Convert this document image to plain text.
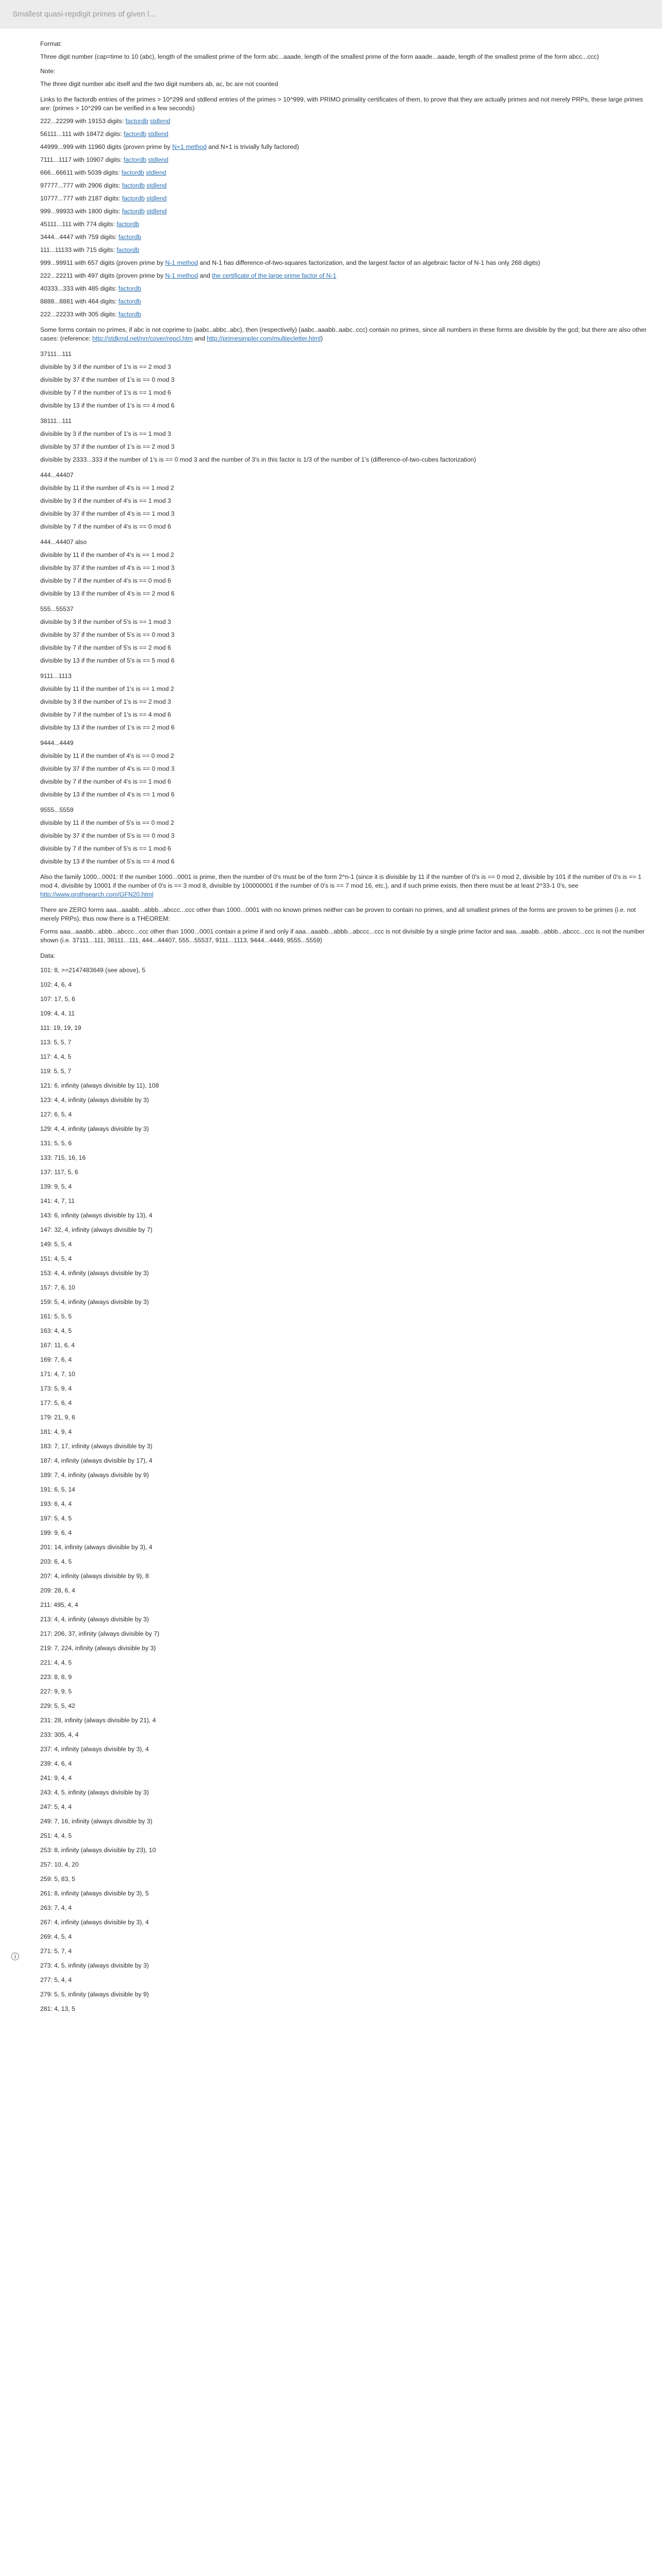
Smallest quasi-repdigit primes of given l...
i

Format:

Three digit number (cap=time to 10 (abc), length of the smallest prime of the form abc...aaade, length of the smallest prime of the form aaade...aaade, length of the smallest prime of the form abcc...ccc)

Note:

The three digit number abc itself and the two digit numbers ab, ac, bc are not counted

Links to the factordb entries of the primes > 10^299 and stdlend entries of the primes > 10^999, with PRIMO primality certificates of them, to prove that they are actually primes and not merely PRPs, these large primes are: (primes > 10^299 can be verified in a few seconds)

222...22299 with 19153 digits: factordb stdlend

56111...111 with 18472 digits: factordb stdlend

44999...999 with 11960 digits (proven prime by N+1 method and N+1 is trivially fully factored)

7111...1117 with 10907 digits: factordb stdlend

666...66611 with 5039 digits: factordb stdlend

97777...777 with 2906 digits: factordb stdlend

10777...777 with 2187 digits: factordb stdlend

999...99933 with 1800 digits: factordb stdlend

45111...111 with 774 digits: factordb

3444...4447 with 759 digits: factordb

111...11133 with 715 digits: factordb

999...99911 with 657 digits (proven prime by N-1 method and N-1 has difference-of-two-squares factorization, and the largest factor of an algebraic factor of N-1 has only 268 digits)

222...22211 with 497 digits (proven prime by N-1 method and the certificate of the large prime factor of N-1

40333...333 with 485 digits: factordb

8888...8881 with 464 digits: factordb

222...22233 with 305 digits: factordb

Some forms contain no primes, if abc is not coprime to (aabc..abbc..abc), then (respectively) (aabc..aaabb..aabc..ccc) contain no primes, since all numbers in these forms are divisible by the gcd; but there are also other cases: (reference: http://stdkmd.net/nrr/cover/repcl.htm and http://primesimpler.com/multiecletter.html)

37111...111

divisible by 3 if the number of 1's is == 2 mod 3

divisible by 37 if the number of 1's is == 0 mod 3

divisible by 7 if the number of 1's is == 1 mod 6

divisible by 13 if the number of 1's is == 4 mod 6

38111...111

divisible by 3 if the number of 1's is == 1 mod 3

divisible by 37 if the number of 1's is == 2 mod 3

divisible by 2333...333 if the number of 1's is == 0 mod 3 and the number of 3's in this factor is 1/3 of the number of 1's (difference-of-two-cubes factorization)

444...44407

divisible by 11 if the number of 4's is == 1 mod 2

divisible by 3 if the number of 4's is == 1 mod 3

divisible by 37 if the number of 4's is == 1 mod 3

divisible by 7 if the number of 4's is == 0 mod 6

444...44407 also

divisible by 11 if the number of 4's is == 1 mod 2

divisible by 37 if the number of 4's is == 1 mod 3

divisible by 7 if the number of 4's is == 0 mod 6

divisible by 13 if the number of 4's is == 2 mod 6

555...55537

divisible by 3 if the number of 5's is == 1 mod 3

divisible by 37 if the number of 5's is == 0 mod 3

divisible by 7 if the number of 5's is == 2 mod 6

divisible by 13 if the number of 5's is == 5 mod 6

9111...1113

divisible by 11 if the number of 1's is == 1 mod 2

divisible by 3 if the number of 1's is == 2 mod 3

divisible by 7 if the number of 1's is == 4 mod 6

divisible by 13 if the number of 1's is == 2 mod 6

9444...4449

divisible by 11 if the number of 4's is == 0 mod 2

divisible by 37 if the number of 4's is == 0 mod 3

divisible by 7 if the number of 4's is == 1 mod 6

divisible by 13 if the number of 4's is == 1 mod 6

9555...5559

divisible by 11 if the number of 5's is == 0 mod 2

divisible by 37 if the number of 5's is == 0 mod 3

divisible by 7 if the number of 5's is == 1 mod 6

divisible by 13 if the number of 5's is == 4 mod 6

Also the family 1000...0001: If the number 1000...0001 is prime, then the number of 0's must be of the form 2^n-1 (since it is divisible by 11 if the number of 0's is == 0 mod 2, divisible by 101 if the number of 0's is == 1 mod 4, divisible by 10001 if the number of 0's is == 3 mod 8, divisible by 100000001 if the number of 0's is == 7 mod 16, etc.), and if such prime exists, then there must be at least 2^33-1 0's, see http://www.prothsearch.com/GFN20.html

There are ZERO forms aaa...aaabb...abbb...abccc...ccc other than 1000...0001 with no known primes neither can be proven to contain no primes, and all smallest primes of the forms are proven to be primes (i.e. not merely PRPs), thus now there is a THEOREM:

Forms aaa...aaabb...abbb...abccc...ccc other than 1000...0001 contain a prime if and only if aaa...aaabb...abbb...abccc...ccc is not divisible by a single prime factor and aaa...aaabb...abbb...abccc...ccc is not the number shown (i.e. 37111...111, 38111...111, 444...44407, 555...55537, 9111...1113, 9444...4449, 9555...5559)

Data:

101: 8, >=2147483649 (see above), 5

102: 4, 6, 4

107: 17, 5, 6

109: 4, 4, 11

111: 19, 19, 19

113: 5, 5, 7

117: 4, 4, 5

119: 5, 5, 7

121: 6, infinity (always divisible by 11), 108

123: 4, 4, infinity (always divisible by 3)

127: 6, 5, 4

129: 4, 4, infinity (always divisible by 3)

131: 5, 5, 6

133: 715, 16, 16

137: 117, 5, 6

139: 9, 5, 4

141: 4, 7, 11

143: 6, infinity (always divisible by 13), 4

147: 32, 4, infinity (always divisible by 7)

149: 5, 5, 4

151: 4, 5, 4

153: 4, 4, infinity (always divisible by 3)

157: 7, 6, 10

159: 5, 4, infinity (always divisible by 3)

161: 5, 5, 5

163: 4, 4, 5

167: 11, 6, 4

169: 7, 6, 4

171: 4, 7, 10

173: 5, 9, 4

177: 5, 6, 4

179: 21, 9, 6

181: 4, 9, 4

183: 7, 17, infinity (always divisible by 3)

187: 4, infinity (always divisible by 17), 4

189: 7, 4, infinity (always divisible by 9)

191: 6, 5, 14

193: 6, 4, 4

197: 5, 4, 5

199: 9, 6, 4

201: 14, infinity (always divisible by 3), 4

203: 6, 4, 5

207: 4, infinity (always divisible by 9), 8

209: 28, 6, 4

211: 495, 4, 4

213: 4, 4, infinity (always divisible by 3)

217: 206, 37, infinity (always divisible by 7)

219: 7, 224, infinity (always divisible by 3)

221: 4, 4, 5

223: 8, 8, 9

227: 9, 9, 5

229: 5, 5, 42

231: 28, infinity (always divisible by 21), 4

233: 305, 4, 4

237: 4, infinity (always divisible by 3), 4

239: 4, 6, 4

241: 9, 4, 4

243: 4, 5, infinity (always divisible by 3)

247: 5, 4, 4

249: 7, 16, infinity (always divisible by 3)

251: 4, 4, 5

253: 8, infinity (always divisible by 23), 10

257: 10, 4, 20

259: 5, 83, 5

261: 8, infinity (always divisible by 3), 5

263: 7, 4, 4

267: 4, infinity (always divisible by 3), 4

269: 4, 5, 4

271: 5, 7, 4

273: 4, 5, infinity (always divisible by 3)

277: 5, 4, 4

279: 5, 5, infinity (always divisible by 9)

281: 4, 13, 5
